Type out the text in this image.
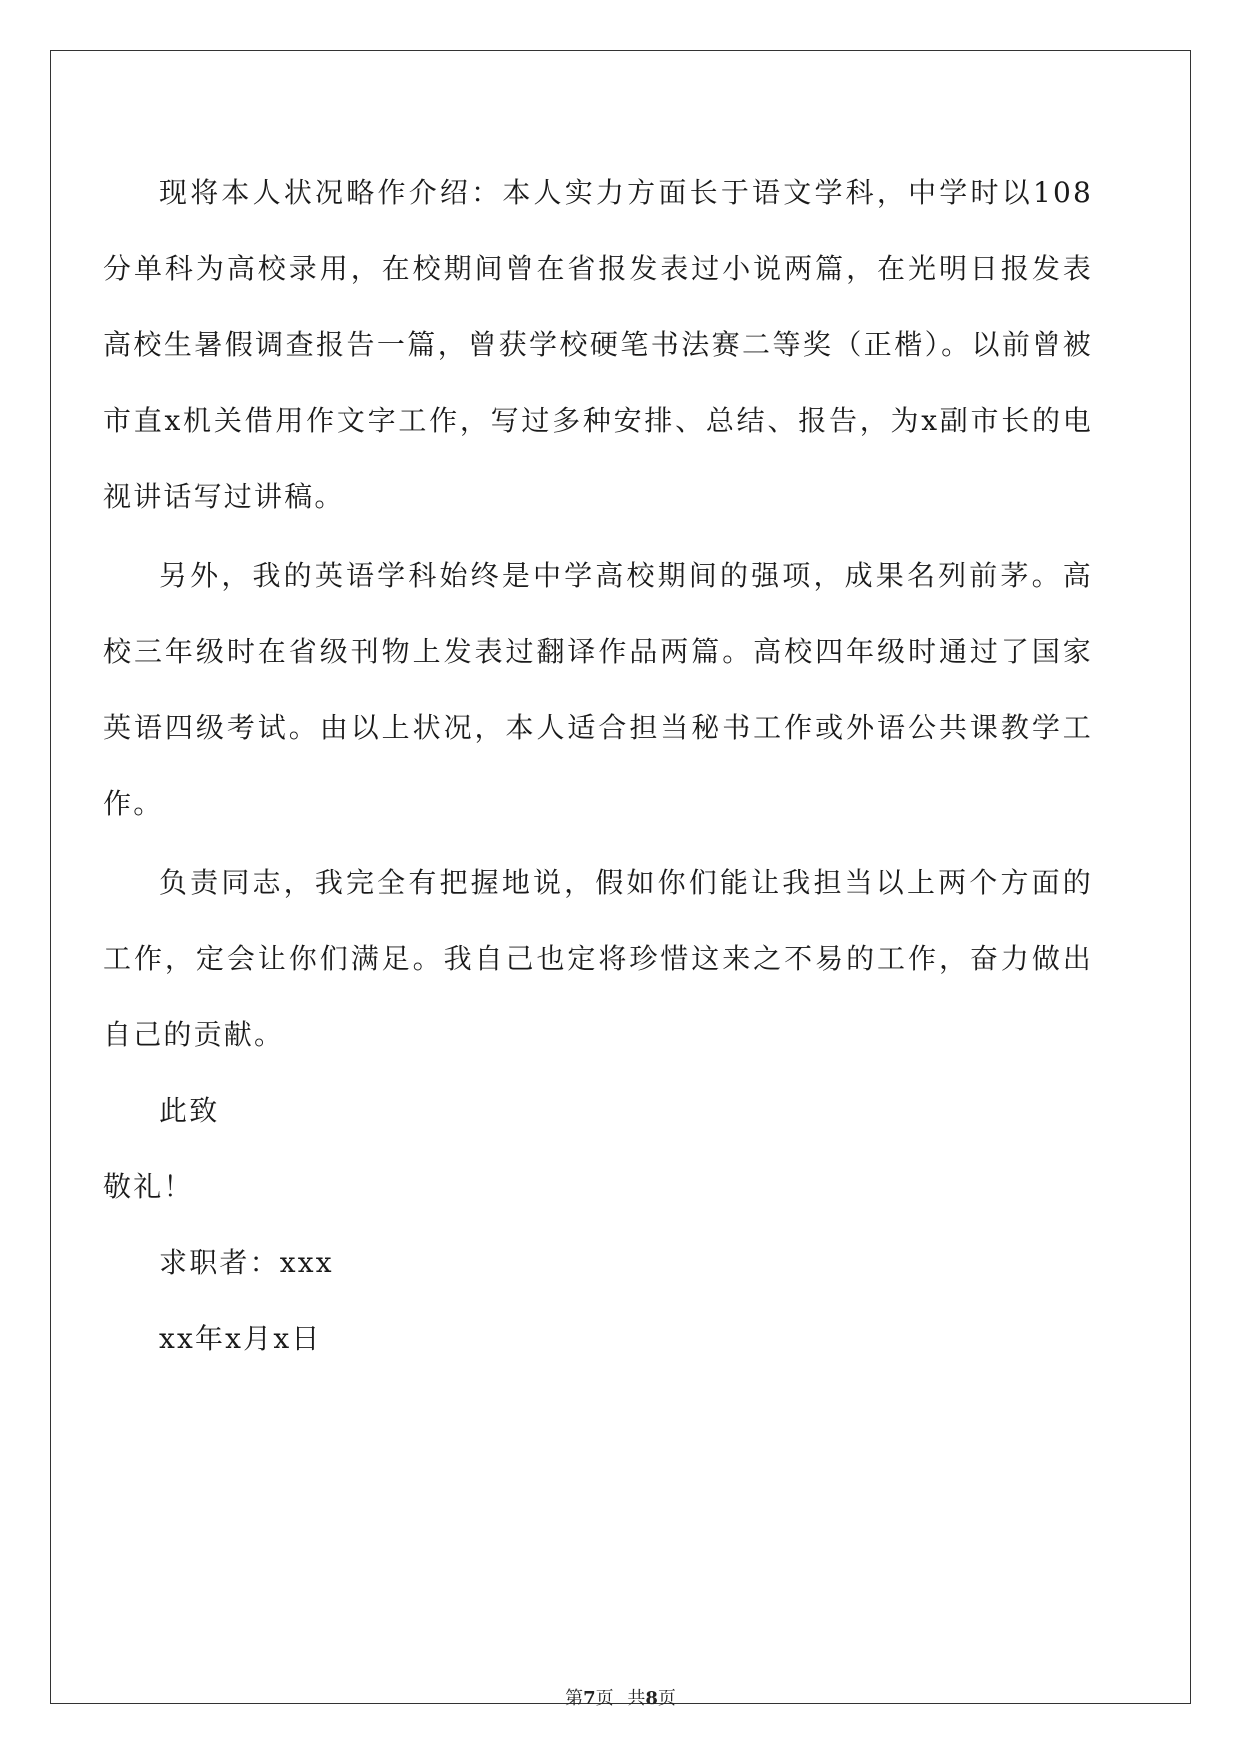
现将本人状况略作介绍：本人实力方面长于语文学科，中学时以108分单科为高校录用，在校期间曾在省报发表过小说两篇，在光明日报发表高校生暑假调查报告一篇，曾获学校硬笔书法赛二等奖（正楷）。以前曾被市直x机关借用作文字工作，写过多种安排、总结、报告，为x副市长的电视讲话写过讲稿。

另外，我的英语学科始终是中学高校期间的强项，成果名列前茅。高校三年级时在省级刊物上发表过翻译作品两篇。高校四年级时通过了国家英语四级考试。由以上状况，本人适合担当秘书工作或外语公共课教学工作。

负责同志，我完全有把握地说，假如你们能让我担当以上两个方面的工作，定会让你们满足。我自己也定将珍惜这来之不易的工作，奋力做出自己的贡献。

此致

敬礼！

求职者：xxx

xx年x月x日

第7页 共8页
